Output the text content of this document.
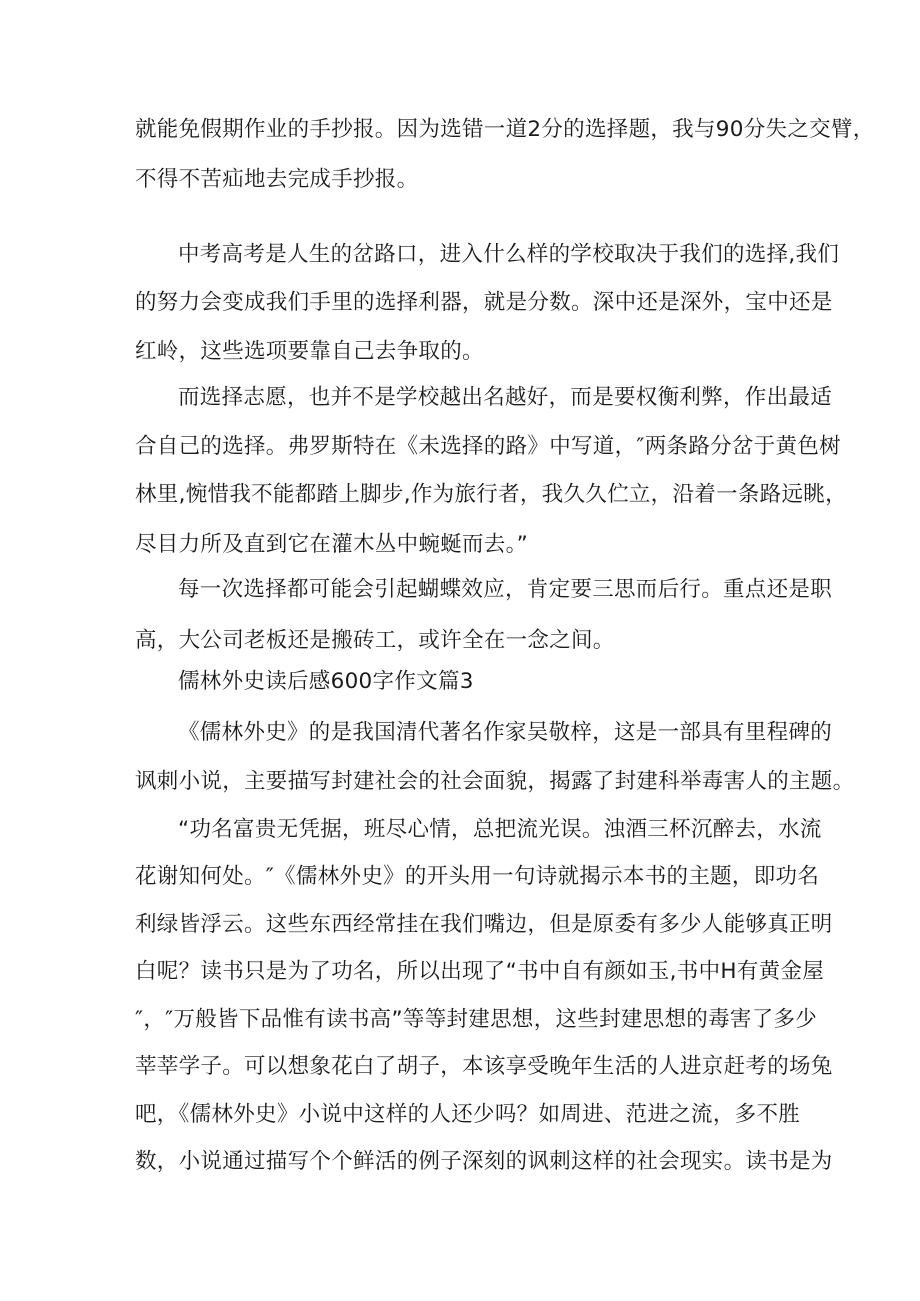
就能免假期作业的手抄报。因为选错一道2分的选择题，我与90分失之交臂，
不得不苦疝地去完成手抄报。
中考高考是人生的岔路口，进入什么样的学校取决于我们的选择,我们
的努力会变成我们手里的选择利器，就是分数。深中还是深外，宝中还是
红岭，这些选项要靠自己去争取的。
而选择志愿，也并不是学校越出名越好，而是要权衡利弊，作出最适
合自己的选择。弗罗斯特在《未选择的路》中写道，″两条路分岔于黄色树
林里,惋惜我不能都踏上脚步,作为旅行者，我久久伫立，沿着一条路远眺，
尽目力所及直到它在灌木丛中蜿蜒而去。”
每一次选择都可能会引起蝴蝶效应，肯定要三思而后行。重点还是职
高，大公司老板还是搬砖工，或许全在一念之间。
儒林外史读后感600字作文篇3
《儒林外史》的是我国清代著名作家吴敬梓，这是一部具有里程碑的
讽刺小说，主要描写封建社会的社会面貌，揭露了封建科举毒害人的主题。
“功名富贵无凭据，班尽心情，总把流光误。浊酒三杯沉醉去，水流
花谢知何处。″《儒林外史》的开头用一句诗就揭示本书的主题，即功名
利绿皆浮云。这些东西经常挂在我们嘴边，但是原委有多少人能够真正明
白呢？读书只是为了功名，所以出现了“书中自有颜如玉,书中H有黄金屋
″，″万般皆下品惟有读书高”等等封建思想，这些封建思想的毒害了多少
莘莘学子。可以想象花白了胡子，本该享受晚年生活的人进京赶考的场兔
吧，《儒林外史》小说中这样的人还少吗？如周进、范进之流，多不胜
数，小说通过描写个个鲜活的例子深刻的讽刺这样的社会现实。读书是为
